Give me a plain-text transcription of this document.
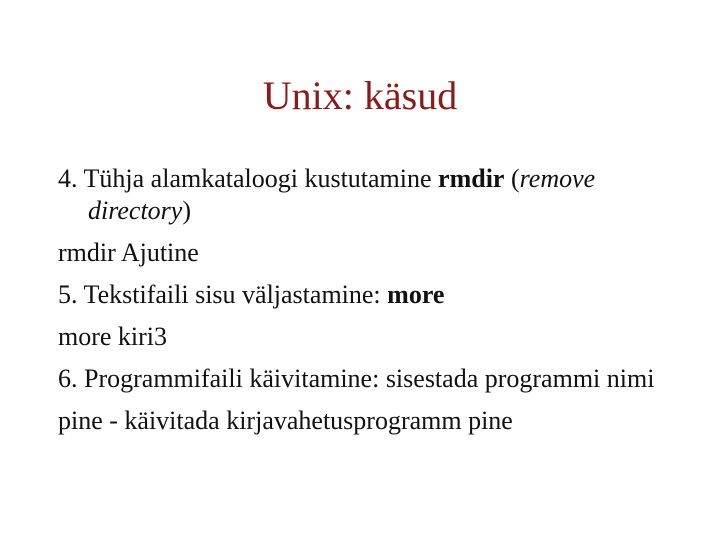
Unix: käsud
4. Tühja alamkataloogi kustutamine rmdir (remove directory)
rmdir Ajutine
5. Tekstifaili sisu väljastamine: more
more kiri3
6. Programmifaili käivitamine: sisestada programmi nimi
pine - käivitada kirjavahetusprogramm pine
